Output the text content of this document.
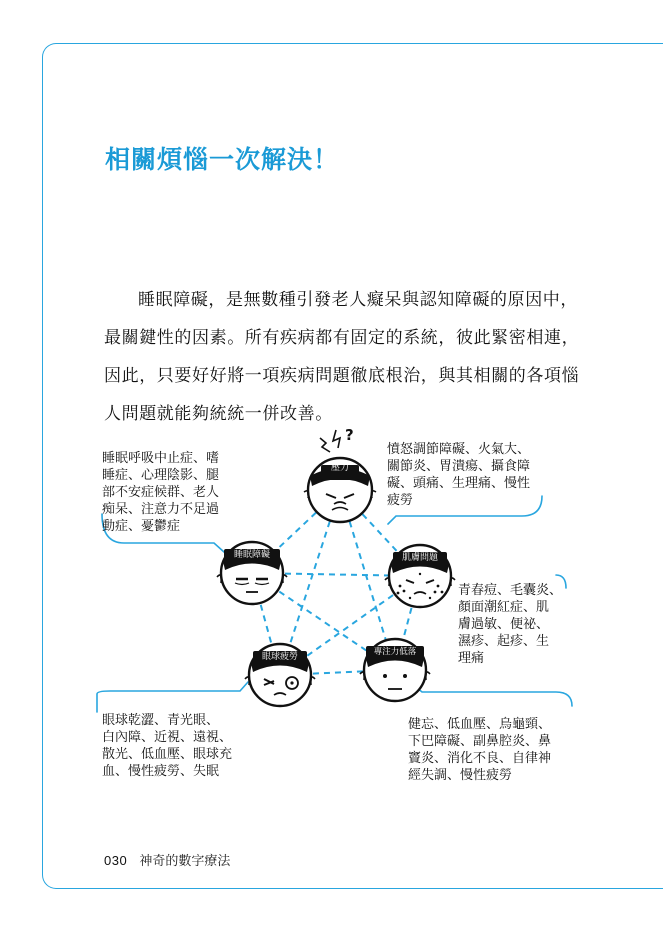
相關煩惱一次解決！

睡眠障礙，是無數種引發老人癡呆與認知障礙的原因中，
最關鍵性的因素。所有疾病都有固定的系統，彼此緊密相連，
因此，只要好好將一項疾病問題徹底根治，與其相關的各項惱
人問題就能夠統統一併改善。

?
壓力
睡眠障礙	肌膚問題
眼球疲勞	專注力低落
睡眠呼吸中止症、嗜
睡症、心理陰影、腿
部不安症候群、老人
痴呆、注意力不足過
動症、憂鬱症
憤怒調節障礙、火氣大、
關節炎、胃潰瘍、攝食障
礙、頭痛、生理痛、慢性
疲勞
青春痘、毛囊炎、
顏面潮紅症、肌
膚過敏、便祕、
濕疹、起疹、生
理痛
眼球乾澀、青光眼、
白內障、近視、遠視、
散光、低血壓、眼球充
血、慢性疲勞、失眠
健忘、低血壓、烏龜頸、
下巴障礙、副鼻腔炎、鼻
竇炎、消化不良、自律神
經失調、慢性疲勞
030 神奇的數字療法
